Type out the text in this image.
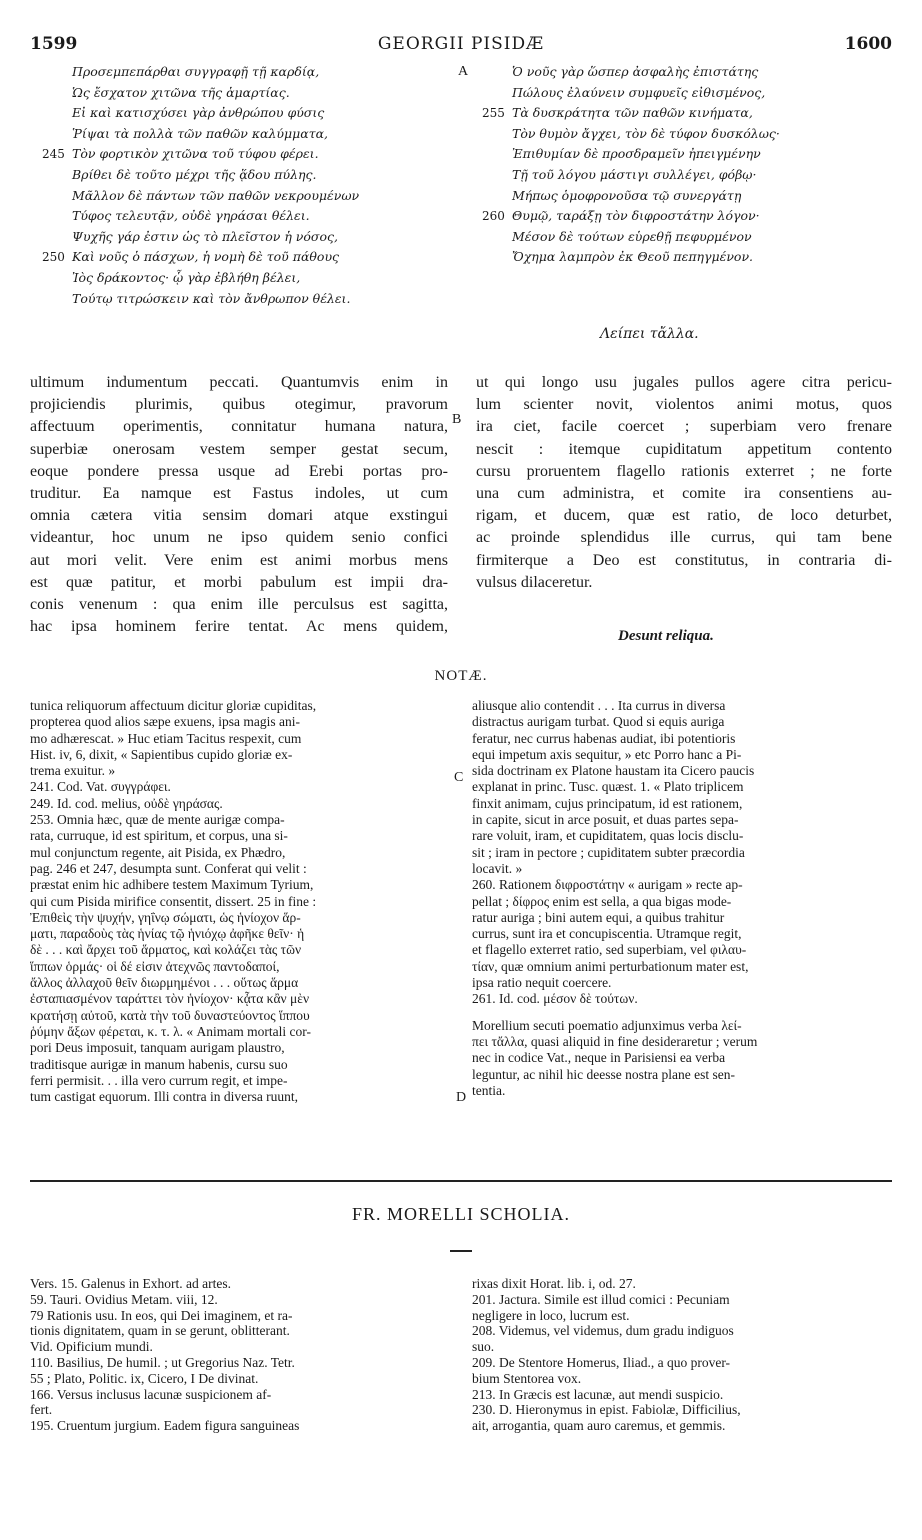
1599	GEORGII PISIDÆ	1600
Προσεμπεπάρθαι συγγραφῇ τῇ καρδίᾳ,
Ὡς ἔσχατον χιτῶνα τῆς ἁμαρτίας.
Εἰ καὶ κατισχύσει γὰρ ἀνθρώπου φύσις
Ῥίψαι τὰ πολλὰ τῶν παθῶν καλύμματα,
245 Τὸν φορτικὸν χιτῶνα τοῦ τύφου φέρει.
Βρίθει δὲ τοῦτο μέχρι τῆς ᾅδου πύλης.
Μᾶλλον δὲ πάντων τῶν παθῶν νεκρουμένων
Τύφος τελευτᾷν, οὐδὲ γηράσαι θέλει.
Ψυχῆς γάρ ἐστιν ὡς τὸ πλεῖστον ἡ νόσος,
250 Καὶ νοῦς ὁ πάσχων, ἡ νομὴ δὲ τοῦ πάθους
Ἰὸς δράκοντος· ᾧ γὰρ ἐβλήθη βέλει,
Τούτῳ τιτρώσκειν καὶ τὸν ἄνθρωπον θέλει.
Ὁ νοῦς γὰρ ὥσπερ ἀσφαλὴς ἐπιστάτης
Πώλους ἐλαύνειν συμφυεῖς εἰθισμένος,
255 Τὰ δυσκράτητα τῶν παθῶν κινήματα,
Τὸν θυμὸν ἄγχει, τὸν δὲ τύφον δυσκόλως·
Ἐπιθυμίαν δὲ προσδραμεῖν ἠπειγμένην
Τῇ τοῦ λόγου μάστιγι συλλέγει, φόβῳ·
Μήπως ὁμοφρονοῦσα τῷ συνεργάτῃ
260 Θυμῷ, ταράξῃ τὸν διφροστάτην λόγον·
Μέσον δὲ τούτων εὑρεθῇ πεφυρμένον
Ὄχημα λαμπρὸν ἐκ Θεοῦ πεπηγμένον.
A
B
C
D
Λείπει τἄλλα.
ultimum indumentum peccati. Quantumvis enim in
projiciendis plurimis, quibus otegimur, pravorum
affectuum operimentis, connitatur humana natura,
superbiæ onerosam vestem semper gestat secum,
eoque pondere pressa usque ad Erebi portas pro-
truditur. Ea namque est Fastus indoles, ut cum
omnia cætera vitia sensim domari atque exstingui
videantur, hoc unum ne ipso quidem senio confici
aut mori velit. Vere enim est animi morbus mens
est quæ patitur, et morbi pabulum est impii dra-
conis venenum : qua enim ille perculsus est sagitta,
hac ipsa hominem ferire tentat. Ac mens quidem,
ut qui longo usu jugales pullos agere citra pericu-
lum scienter novit, violentos animi motus, quos
ira ciet, facile coercet ; superbiam vero frenare
nescit : itemque cupiditatum appetitum contento
cursu proruentem flagello rationis exterret ; ne forte
una cum administra, et comite ira consentiens au-
rigam, et ducem, quæ est ratio, de loco deturbet,
ac proinde splendidus ille currus, qui tam bene
firmiterque a Deo est constitutus, in contraria di-
vulsus dilaceretur.
Desunt reliqua.
NOTÆ.
tunica reliquorum affectuum dicitur gloriæ cupiditas,
propterea quod alios sæpe exuens, ipsa magis ani-
mo adhærescat. » Huc etiam Tacitus respexit, cum
Hist. iv, 6, dixit, « Sapientibus cupido gloriæ ex-
trema exuitur. »
241. Cod. Vat. συγγράφει.
249. Id. cod. melius, οὐδὲ γηράσας.
253. Omnia hæc, quæ de mente aurigæ compa-
rata, curruque, id est spiritum, et corpus, una si-
mul conjunctum regente, ait Pisida, ex Phædro,
pag. 246 et 247, desumpta sunt. Conferat qui velit :
præstat enim hic adhibere testem Maximum Tyrium,
qui cum Pisida mirifice consentit, dissert. 25 in fine :
Ἐπιθεὶς τὴν ψυχήν, γηΐνῳ σώματι, ὡς ἡνίοχον ἅρ-
ματι, παραδοὺς τὰς ἡνίας τῷ ἡνιόχῳ ἀφῆκε θεῖν· ἡ
δὲ . . . καὶ ἄρχει τοῦ ἅρματος, καὶ κολάζει τὰς τῶν
ἵππων ὁρμάς· οἱ δέ εἰσιν ἀτεχνῶς παντοδαποί,
ἄλλος ἀλλαχοῦ θεῖν διωρμημένοι . . . οὕτως ἅρμα
ἐσταπιασμένον ταράττει τὸν ἡνίοχον· κᾆτα κἂν μὲν
κρατήσῃ αὐτοῦ, κατὰ τὴν τοῦ δυναστεύοντος ἵππου
ῥύμην ἄξων φέρεται, κ. τ. λ. « Animam mortali cor-
pori Deus imposuit, tanquam aurigam plaustro,
traditisque aurigæ in manum habenis, cursu suo
ferri permisit. . . illa vero currum regit, et impe-
tum castigat equorum. Illi contra in diversa ruunt,
aliusque alio contendit . . . Ita currus in diversa
distractus aurigam turbat. Quod si equis auriga
feratur, nec currus habenas audiat, ibi potentioris
equi impetum axis sequitur, » etc Porro hanc a Pi-
sida doctrinam ex Platone haustam ita Cicero paucis
explanat in princ. Tusc. quæst. 1. « Plato triplicem
finxit animam, cujus principatum, id est rationem,
in capite, sicut in arce posuit, et duas partes sepa-
rare voluit, iram, et cupiditatem, quas locis disclu-
sit ; iram in pectore ; cupiditatem subter præcordia
locavit. »
260. Rationem διφροστάτην « aurigam » recte ap-
pellat ; δίφρος enim est sella, a qua bigas mode-
ratur auriga ; bini autem equi, a quibus trahitur
currus, sunt ira et concupiscentia. Utramque regit,
et flagello exterret ratio, sed superbiam, vel φιλαυ-
τίαν, quæ omnium animi perturbationum mater est,
ipsa ratio nequit coercere.
261. Id. cod. μέσον δὲ τούτων.
Morellium secuti poematio adjunximus verba λεί-
πει τἄλλα, quasi aliquid in fine desideraretur ; verum
nec in codice Vat., neque in Parisiensi ea verba
leguntur, ac nihil hic deesse nostra plane est sen-
tentia.
FR. MORELLI SCHOLIA.
Vers. 15. Galenus in Exhort. ad artes.
59. Tauri. Ovidius Metam. viii, 12.
79 Rationis usu. In eos, qui Dei imaginem, et ra-
tionis dignitatem, quam in se gerunt, oblitterant.
Vid. Opificium mundi.
110. Basilius, De humil. ; ut Gregorius Naz. Tetr.
55 ; Plato, Politic. ix, Cicero, I De divinat.
166. Versus inclusus lacunæ suspicionem af-
fert.
195. Cruentum jurgium. Eadem figura sanguineas
rixas dixit Horat. lib. i, od. 27.
201. Jactura. Simile est illud comici : Pecuniam
negligere in loco, lucrum est.
208. Videmus, vel videmus, dum gradu indiguos
suo.
209. De Stentore Homerus, Iliad., a quo prover-
bium Stentorea vox.
213. In Græcis est lacunæ, aut mendi suspicio.
230. D. Hieronymus in epist. Fabiolæ, Difficilius,
ait, arrogantia, quam auro caremus, et gemmis.
